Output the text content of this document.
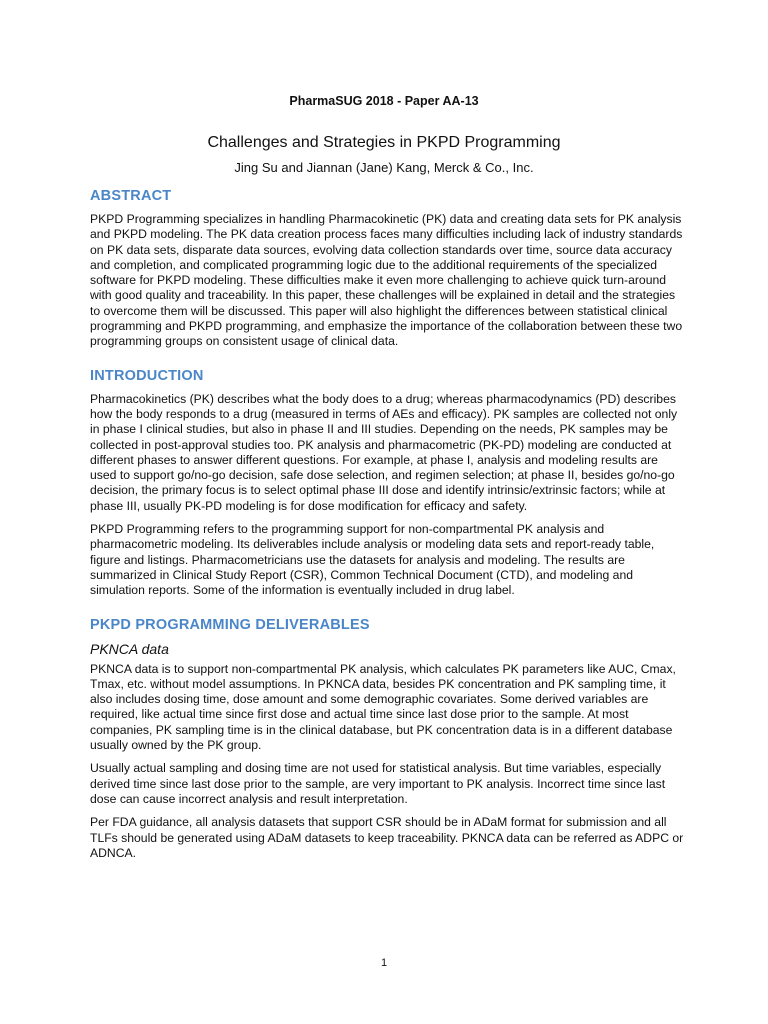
PharmaSUG 2018 - Paper AA-13
Challenges and Strategies in PKPD Programming
Jing Su and Jiannan (Jane) Kang, Merck & Co., Inc.
ABSTRACT

PKPD Programming specializes in handling Pharmacokinetic (PK) data and creating data sets for PK analysis and PKPD modeling. The PK data creation process faces many difficulties including lack of industry standards on PK data sets, disparate data sources, evolving data collection standards over time, source data accuracy and completion, and complicated programming logic due to the additional requirements of the specialized software for PKPD modeling. These difficulties make it even more challenging to achieve quick turn-around with good quality and traceability. In this paper, these challenges will be explained in detail and the strategies to overcome them will be discussed. This paper will also highlight the differences between statistical clinical programming and PKPD programming, and emphasize the importance of the collaboration between these two programming groups on consistent usage of clinical data.

INTRODUCTION

Pharmacokinetics (PK) describes what the body does to a drug; whereas pharmacodynamics (PD) describes how the body responds to a drug (measured in terms of AEs and efficacy). PK samples are collected not only in phase I clinical studies, but also in phase II and III studies. Depending on the needs, PK samples may be collected in post-approval studies too. PK analysis and pharmacometric (PK-PD) modeling are conducted at different phases to answer different questions. For example, at phase I, analysis and modeling results are used to support go/no-go decision, safe dose selection, and regimen selection; at phase II, besides go/no-go decision, the primary focus is to select optimal phase III dose and identify intrinsic/extrinsic factors; while at phase III, usually PK-PD modeling is for dose modification for efficacy and safety.

PKPD Programming refers to the programming support for non-compartmental PK analysis and pharmacometric modeling. Its deliverables include analysis or modeling data sets and report-ready table, figure and listings. Pharmacometricians use the datasets for analysis and modeling. The results are summarized in Clinical Study Report (CSR), Common Technical Document (CTD), and modeling and simulation reports. Some of the information is eventually included in drug label.

PKPD PROGRAMMING DELIVERABLES
PKNCA data

PKNCA data is to support non-compartmental PK analysis, which calculates PK parameters like AUC, Cmax, Tmax, etc. without model assumptions. In PKNCA data, besides PK concentration and PK sampling time, it also includes dosing time, dose amount and some demographic covariates. Some derived variables are required, like actual time since first dose and actual time since last dose prior to the sample. At most companies, PK sampling time is in the clinical database, but PK concentration data is in a different database usually owned by the PK group.

Usually actual sampling and dosing time are not used for statistical analysis. But time variables, especially derived time since last dose prior to the sample, are very important to PK analysis. Incorrect time since last dose can cause incorrect analysis and result interpretation.

Per FDA guidance, all analysis datasets that support CSR should be in ADaM format for submission and all TLFs should be generated using ADaM datasets to keep traceability. PKNCA data can be referred as ADPC or ADNCA.

1
